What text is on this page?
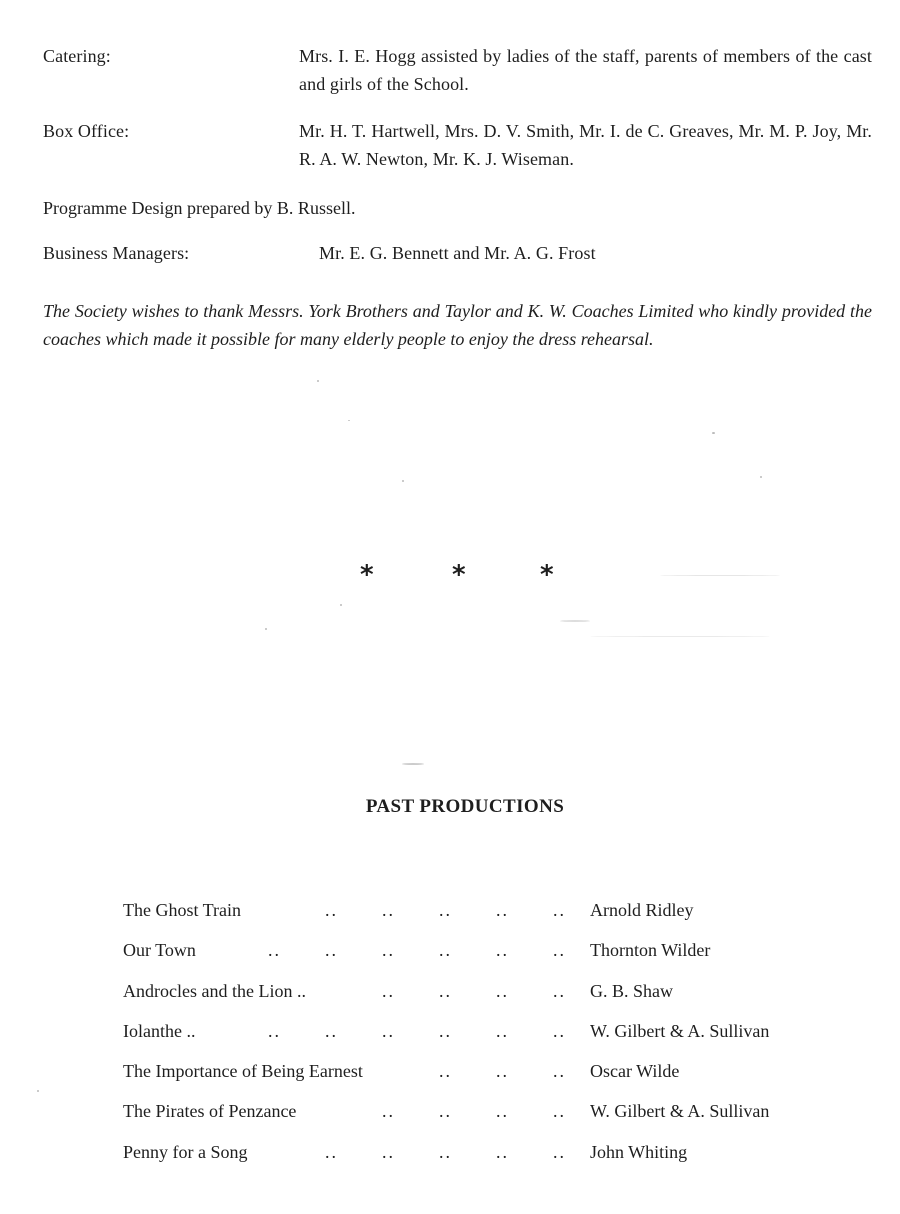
Catering:	Mrs. I. E. Hogg assisted by ladies of the staff, parents of members of the cast and girls of the School.
Box Office:	Mr. H. T. Hartwell, Mrs. D. V. Smith, Mr. I. de C. Greaves, Mr. M. P. Joy, Mr. R. A. W. Newton, Mr. K. J. Wiseman.
Programme Design prepared by B. Russell.
Business Managers:	Mr. E. G. Bennett and Mr. A. G. Frost
The Society wishes to thank Messrs. York Brothers and Taylor and K. W. Coaches Limited who kindly provided the coaches which made it possible for many elderly people to enjoy the dress rehearsal.
*	*	*
PAST PRODUCTIONS
The Ghost Train	.. .. .. .. .. Arnold Ridley
Our Town	.. .. .. .. .. .. Thornton Wilder
Androcles and the Lion ..	.. .. .. .. G. B. Shaw
Iolanthe ..	.. .. .. .. .. .. W. Gilbert & A. Sullivan
The Importance of Being Earnest	.. .. .. Oscar Wilde
The Pirates of Penzance	.. .. .. .. W. Gilbert & A. Sullivan
Penny for a Song	.. .. .. .. .. John Whiting
